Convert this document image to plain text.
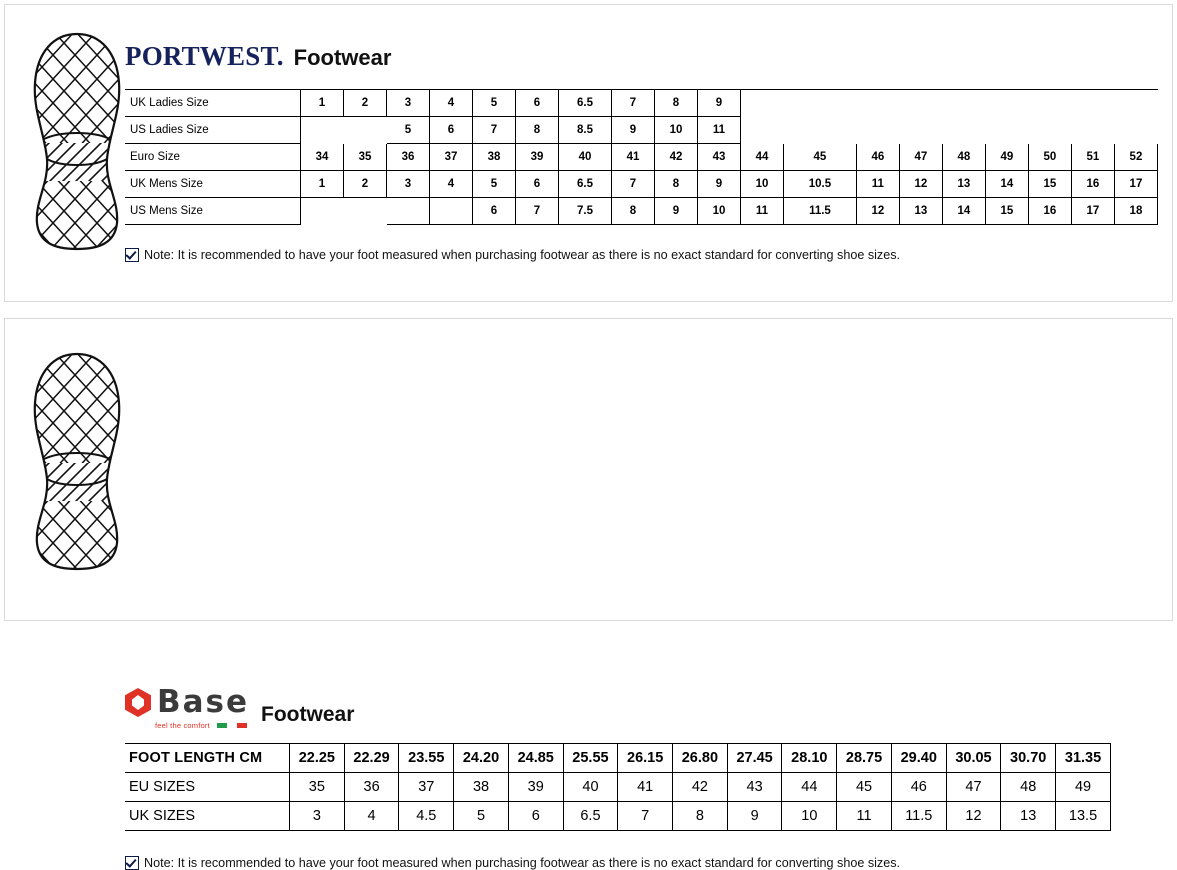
PORTWEST. Footwear
UK Ladies Size	1	2	3	4	5	6	6.5	7	8	9									
US Ladies Size			5	6	7	8	8.5	9	10	11									
Euro Size	34	35	36	37	38	39	40	41	42	43	44	45	46	47	48	49	50	51	52
UK Mens Size	1	2	3	4	5	6	6.5	7	8	9	10	10.5	11	12	13	14	15	16	17
US Mens Size					6	7	7.5	8	9	10	11	11.5	12	13	14	15	16	17	18
Note: It is recommended to have your foot measured when purchasing footwear as there is no exact standard for converting shoe sizes.
Base
feel the comfort Footwear
FOOT LENGTH CM	22.25	22.29	23.55	24.20	24.85	25.55	26.15	26.80	27.45	28.10	28.75	29.40	30.05	30.70	31.35
EU SIZES	35	36	37	38	39	40	41	42	43	44	45	46	47	48	49
UK SIZES	3	4	4.5	5	6	6.5	7	8	9	10	11	11.5	12	13	13.5
Note: It is recommended to have your foot measured when purchasing footwear as there is no exact standard for converting shoe sizes.
